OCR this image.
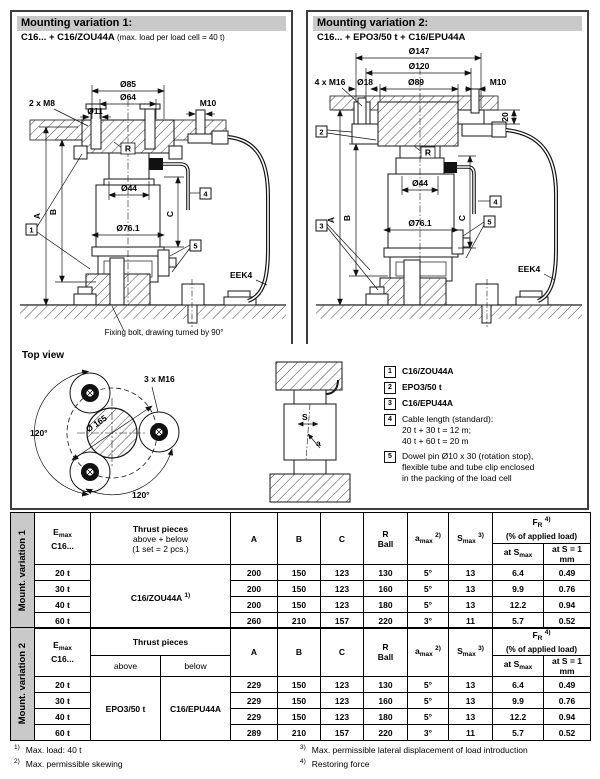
Mounting variation 1:
C16... + C16/ZOU44A (max. load per load cell = 40 t)
1
4
5
Ø85
Ø64
Ø11
2 x M8	M10
R
Ø44
Ø76.1
A
B	C
EEK4
Fixing bolt, drawing turned by 90°
Mounting variation 2:
C16... + EPO3/50 t + C16/EPU44A
2
3
4
5
Ø147
Ø120
Ø89
Ø18
4 x M16	M10
20
R
Ø44
Ø76.1
A B	C
EEK4
Top view
120°
120°
3 x M16
Ø 165	S
a
1	C16/ZOU44A
2	EPO3/50 t
3	C16/EPU44A
4	Cable length (standard):
20 t + 30 t = 12 m;
40 t + 60 t = 20 m
5	Dowel pin Ø10 x 30 (rotation stop),
flexible tube and tube clip enclosed
in the packing of the load cell
Mount. variation 1	$E_{max}$
C16...	Thrust pieces
above + below
(1 set = 2 pcs.)	A	B	C	R
Ball	$a_{max}$ $^{2)}$	$S_{max}$ $^{3)}$	$F_R$ $^{4)}$
(% of applied load)	
									at $S_{max}$	at S = 1 mm
	20 t	C16/ZOU44A $^{1)}$	200	150	123	130	5°	13	6.4	0.49
	30 t		200	150	123	160	5°	13	9.9	0.76
	40 t		200	150	123	180	5°	13	12.2	0.94
	60 t		260	210	157	220	3°	11	5.7	0.52
Mount. variation 2	$E_{max}$
C16...	Thrust pieces		A	B	C	R
Ball	$a_{max}$ $^{2)}$	$S_{max}$ $^{3)}$	$F_R$ $^{4)}$
(% of applied load)	
		above	below							at $S_{max}$	at S = 1 mm
	20 t	EPO3/50 t	C16/EPU44A	229	150	123	130	5°	13	6.4	0.49
	30 t			229	150	123	160	5°	13	9.9	0.76
	40 t			229	150	123	180	5°	13	12.2	0.94
	60 t			289	210	157	220	3°	11	5.7	0.52
$^{1)}$ Max. load: 40 t
$^{2)}$ Max. permissible skewing
$^{3)}$ Max. permissible lateral displacement of load introduction
$^{4)}$ Restoring force
